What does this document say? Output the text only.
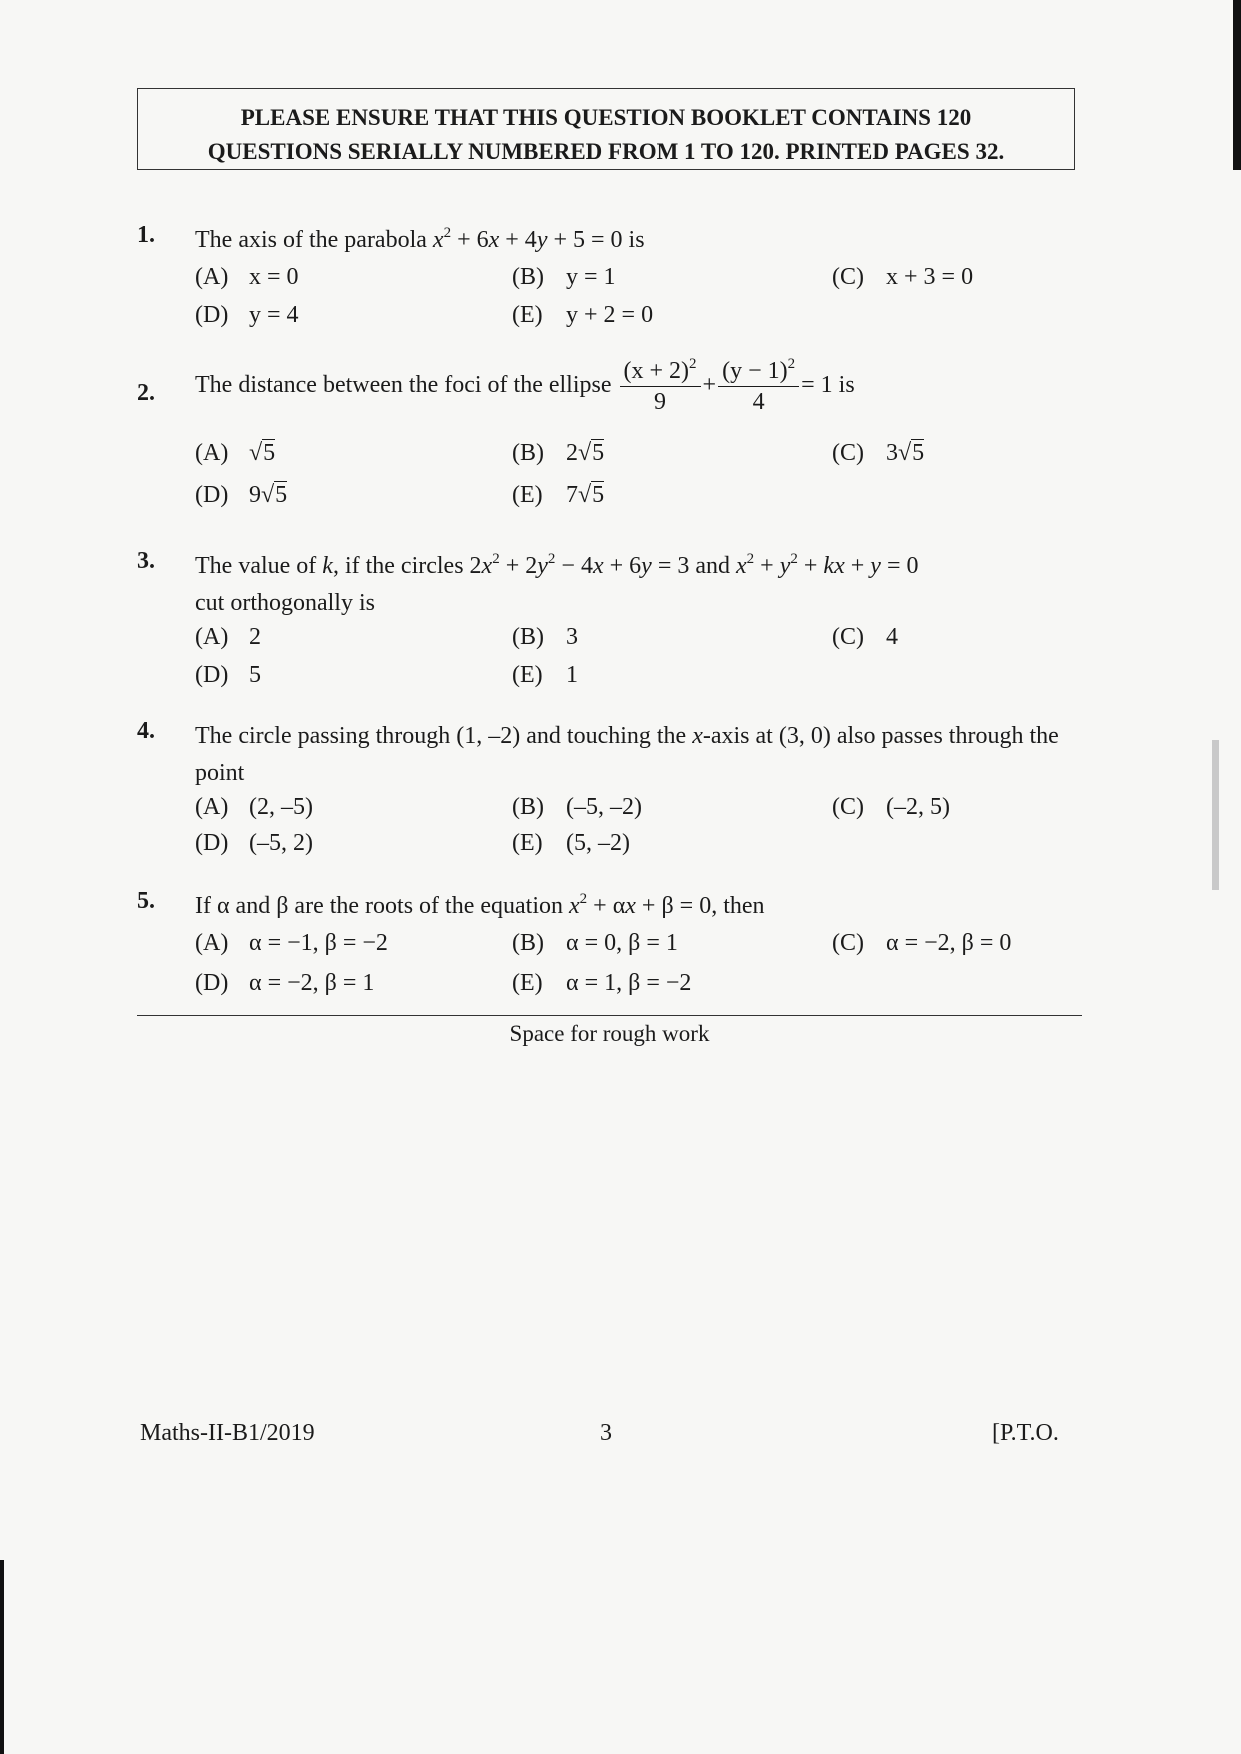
PLEASE ENSURE THAT THIS QUESTION BOOKLET CONTAINS 120
QUESTIONS SERIALLY NUMBERED FROM 1 TO 120. PRINTED PAGES 32.
1.	The axis of the parabola $x^2 + 6x + 4y + 5 = 0$ is
(A) x = 0	(B) y = 1	(C) x + 3 = 0
(D) y = 4	(E) y + 2 = 0
2.	The distance between the foci of the ellipse $\frac{(x + 2)^2}{9} + \frac{(y - 1)^2}{4} = 1$ is
(A) √5	(B) 2√5	(C) 3√5
(D) 9√5	(E) 7√5
3.	The value of k, if the circles $2x^2 + 2y^2 - 4x + 6y = 3$ and $x^2 + y^2$ + kx + y = 0
cut orthogonally is
(A) 2	(B) 3	(C) 4
(D) 5	(E) 1
4.	The circle passing through (1, –2) and touching the x-axis at (3, 0) also passes through the point
(A) (2, –5)	(B) (–5, –2)	(C) (–2, 5)
(D) (–5, 2)	(E) (5, –2)
5.	If α and β are the roots of the equation $x^2 + \alpha x + \beta = 0$, then
(A) α = −1, β = −2	(B) α = 0, β = 1	(C) α = −2, β = 0
(D) α = −2, β = 1	(E) α = 1, β = −2
Space for rough work
Maths-II-B1/2019	3	[P.T.O.
